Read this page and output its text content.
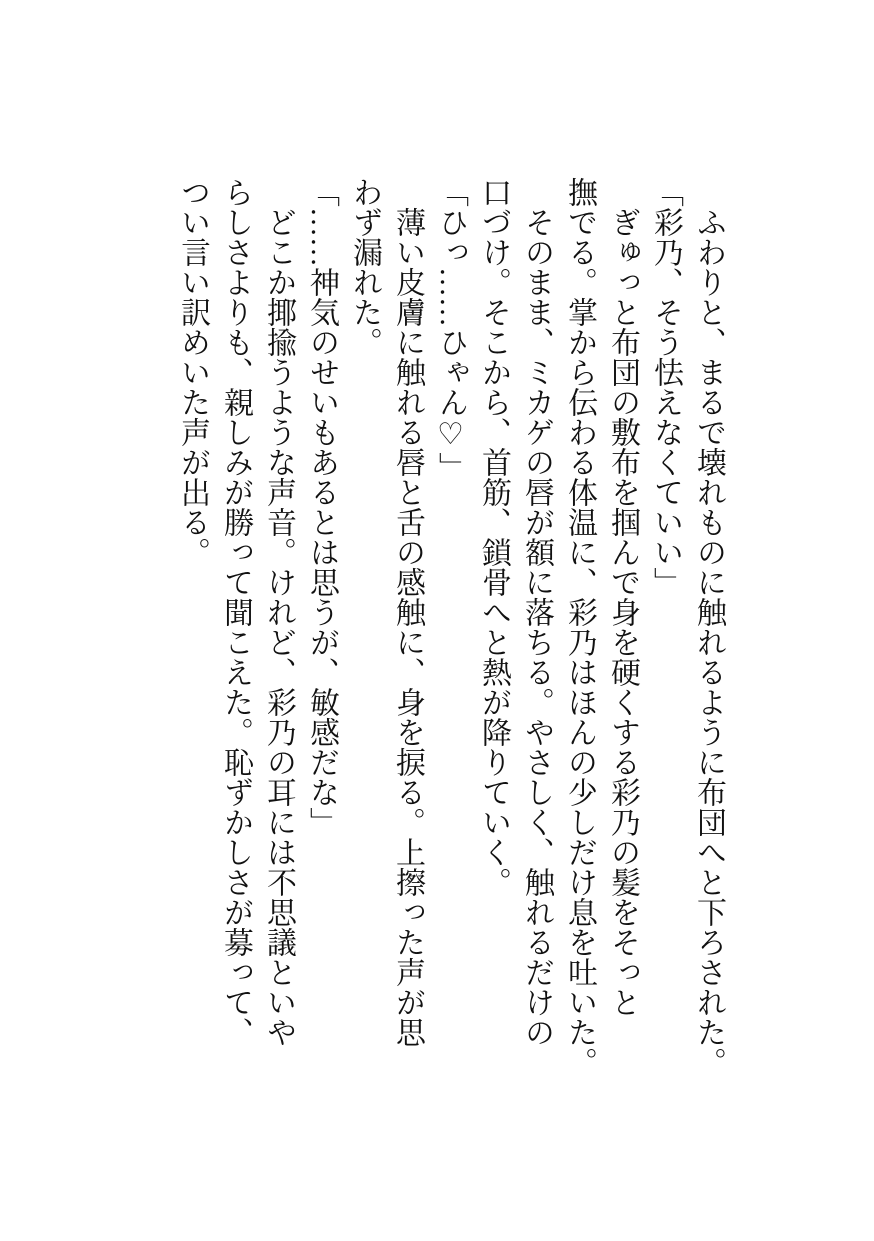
　ふわりと、まるで壊れものに触れるように布団へと下ろされた。

「彩乃、そう怯えなくていい」

　ぎゅっと布団の敷布を掴んで身を硬くする彩乃の髪をそっと

撫でる。掌から伝わる体温に、彩乃はほんの少しだけ息を吐いた。

　そのまま、ミカゲの唇が額に落ちる。やさしく、触れるだけの

口づけ。そこから、首筋、鎖骨へと熱が降りていく。

「ひっ……ひゃん♡」

　薄い皮膚に触れる唇と舌の感触に、身を捩る。上擦った声が思

わず漏れた。

「……神気のせいもあるとは思うが、敏感だな」

　どこか揶揄うような声音。けれど、彩乃の耳には不思議といや

らしさよりも、親しみが勝って聞こえた。恥ずかしさが募って、

つい言い訳めいた声が出る。
